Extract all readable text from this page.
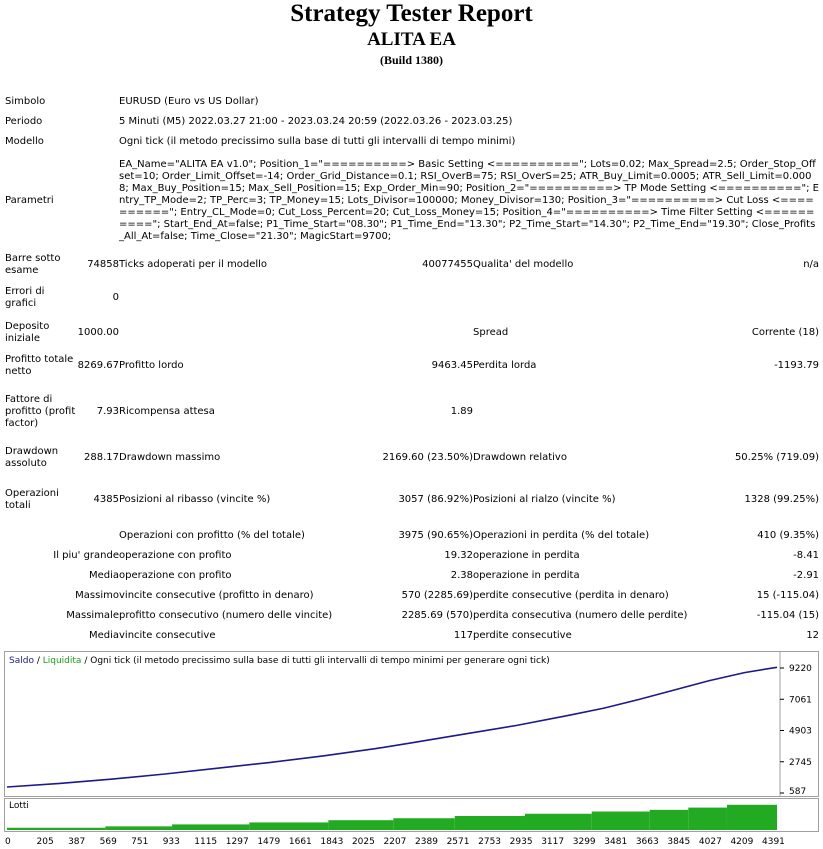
Strategy Tester Report
ALITA EA
(Build 1380)
Simbolo		EURUSD (Euro vs US Dollar)			
Periodo		5 Minuti (M5) 2022.03.27 21:00 - 2023.03.24 20:59 (2022.03.26 - 2023.03.25)			
Modello		Ogni tick (il metodo precissimo sulla base di tutti gli intervalli di tempo minimi)			
Parametri		EA_Name="ALITA EA v1.0"; Position_1="==========> Basic Setting <=========="; Lots=0.02; Max_Spread=2.5; Order_Stop_Offset=10; Order_Limit_Offset=-14; Order_Grid_Distance=0.1; RSI_OverB=75; RSI_OverS=25; ATR_Buy_Limit=0.0005; ATR_Sell_Limit=0.0008; Max_Buy_Position=15; Max_Sell_Position=15; Exp_Order_Min=90; Position_2="==========> TP Mode Setting <=========="; Entry_TP_Mode=2; TP_Perc=3; TP_Money=15; Lots_Divisor=100000; Money_Divisor=130; Position_3="==========> Cut Loss <=========="; Entry_CL_Mode=0; Cut_Loss_Percent=20; Cut_Loss_Money=15; Position_4="==========> Time Filter Setting <=========="; Start_End_At=false; P1_Time_Start="08.30"; P1_Time_End="13.30"; P2_Time_Start="14.30"; P2_Time_End="19.30"; Close_Profits_All_At=false; Time_Close="21.30"; MagicStart=9700;			
Barre sotto esame	74858	Ticks adoperati per il modello	40077455	Qualita' del modello	n/a
Errori di grafici	0				
Deposito iniziale	1000.00			Spread	Corrente (18)
Profitto totale netto	8269.67	Profitto lordo	9463.45	Perdita lorda	-1193.79
Fattore di profitto (profit factor)	7.93	Ricompensa attesa	1.89		
Drawdown assoluto	288.17	Drawdown massimo	2169.60 (23.50%)	Drawdown relativo	50.25% (719.09)
Operazioni totali	4385	Posizioni al ribasso (vincite %)	3057 (86.92%)	Posizioni al rialzo (vincite %)	1328 (99.25%)
		Operazioni con profitto (% del totale)	3975 (90.65%)	Operazioni in perdita (% del totale)	410 (9.35%)
Il piu' grande		operazione con profito	19.32	operazione in perdita	-8.41
Media		operazione con profito	2.38	operazione in perdita	-2.91
Massimo		vincite consecutive (profitto in denaro)	570 (2285.69)	perdite consecutive (perdita in denaro)	15 (-115.04)
Massimale		profitto consecutivo (numero delle vincite)	2285.69 (570)	perdita consecutiva (numero delle perdite)	-115.04 (15)
Media		vincite consecutive	117	perdite consecutive	12
Saldo / Liquidita / Ogni tick (il metodo precissimo sulla base di tutti gli intervalli di tempo minimi per generare ogni tick)
9220
7061
4903
2745
587
Lotti
0	205 387 569 751 933 1115 1297 1479 1661 1843 2025 2207 2389 2571 2753 2935 3117 3299 3481 3663 3845 4027 4209 4391
